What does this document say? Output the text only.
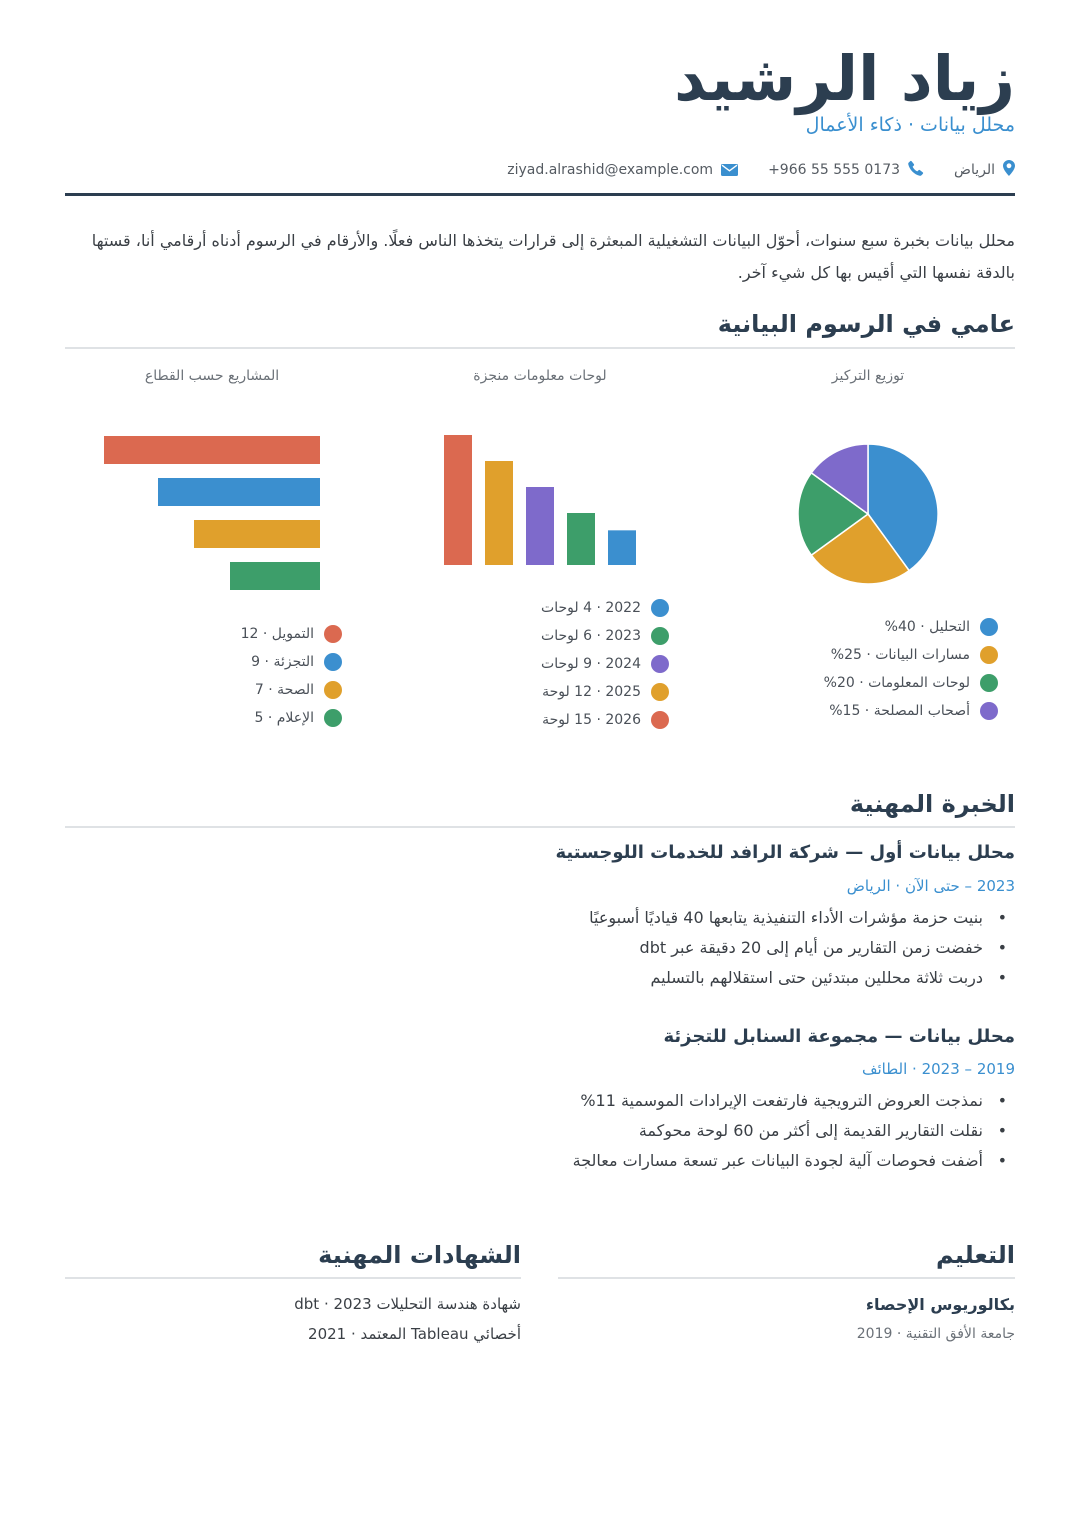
زياد الرشيد
محلل بيانات · ذكاء الأعمال
الرياض
+966 55 555 0173
ziyad.alrashid@example.com

محلل بيانات بخبرة سبع سنوات، أحوّل البيانات التشغيلية المبعثرة إلى قرارات يتخذها الناس فعلًا. والأرقام في الرسوم أدناه أرقامي أنا، قستها بالدقة نفسها التي أقيس بها كل شيء آخر.

عامي في الرسوم البيانية
توزيع التركيز
التحليل · 40%
مسارات البيانات · 25%
لوحات المعلومات · 20%
أصحاب المصلحة · 15%
لوحات معلومات منجزة
2022 · 4 لوحات
2023 · 6 لوحات
2024 · 9 لوحات
2025 · 12 لوحة
2026 · 15 لوحة
المشاريع حسب القطاع
التمويل · 12
التجزئة · 9
الصحة · 7
الإعلام · 5
الخبرة المهنية
محلل بيانات أول — شركة الرافد للخدمات اللوجستية
2023 – حتى الآن · الرياض
• بنيت حزمة مؤشرات الأداء التنفيذية يتابعها 40 قياديًا أسبوعيًا
• خفضت زمن التقارير من أيام إلى 20 دقيقة عبر dbt
• دربت ثلاثة محللين مبتدئين حتى استقلالهم بالتسليم
محلل بيانات — مجموعة السنابل للتجزئة
2019 – 2023 · الطائف
• نمذجت العروض الترويجية فارتفعت الإيرادات الموسمية 11%
• نقلت التقارير القديمة إلى أكثر من 60 لوحة محوكمة
• أضفت فحوصات آلية لجودة البيانات عبر تسعة مسارات معالجة
التعليم
بكالوريوس الإحصاء
جامعة الأفق التقنية · 2019
الشهادات المهنية
شهادة هندسة التحليلات dbt · 2023
أخصائي Tableau المعتمد · 2021
